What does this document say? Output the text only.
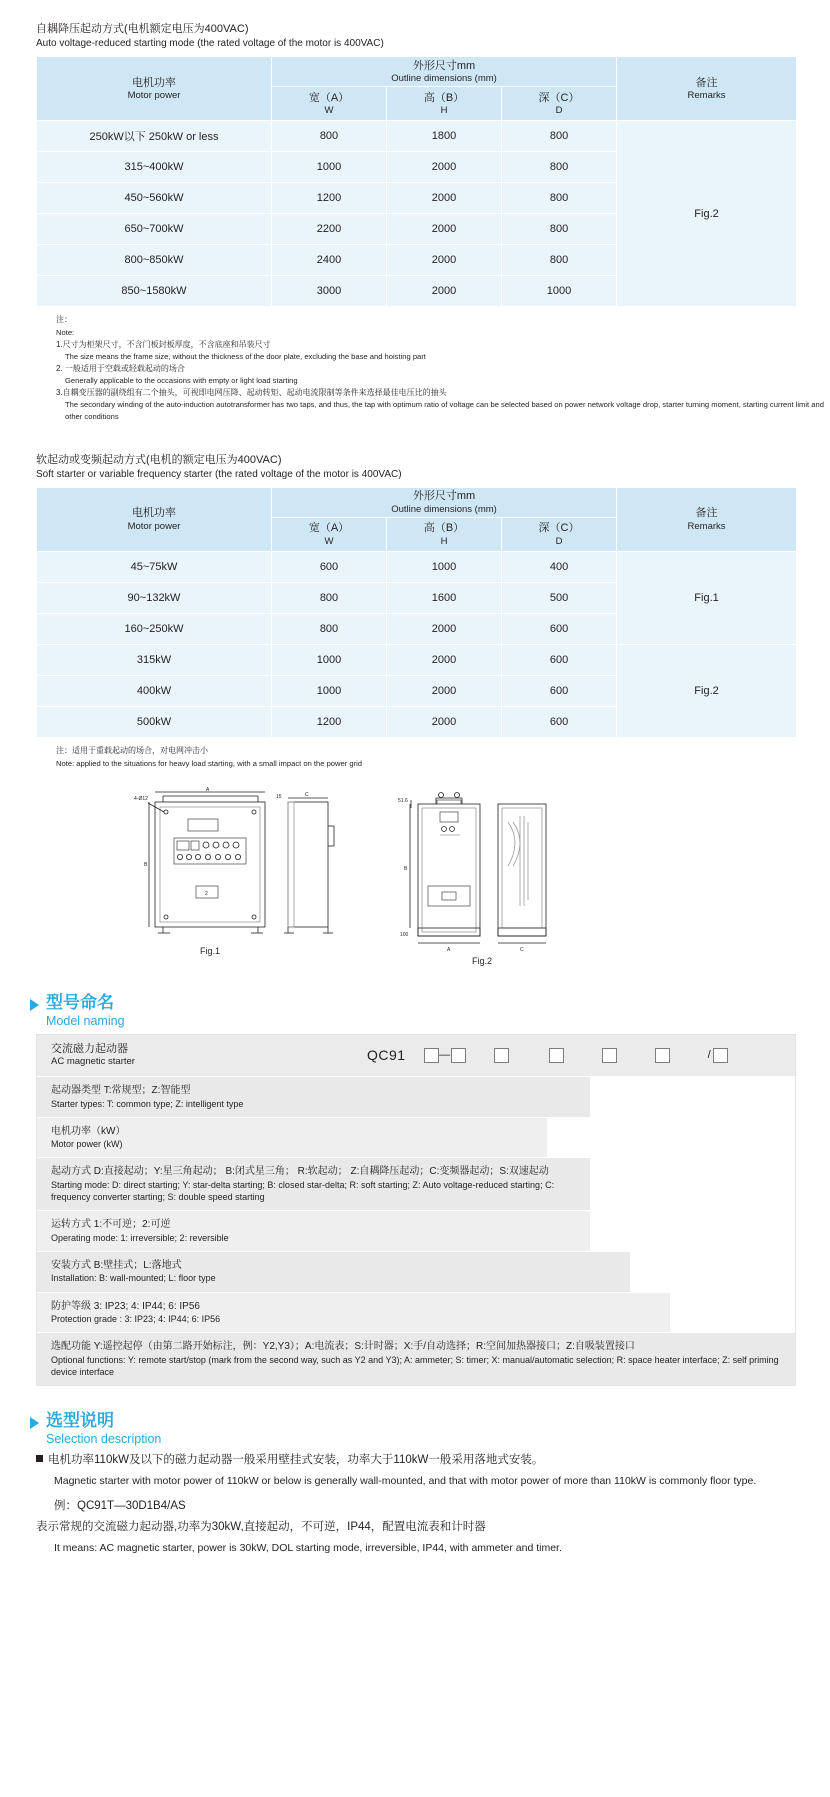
自耦降压起动方式(电机额定电压为400VAC)
Auto voltage-reduced starting mode (the rated voltage of the motor is 400VAC)
电机功率
Motor power	外形尺寸mm
Outline dimensions (mm)			备注
Remarks

	宽（A）
W	高（B）
H	深（C）
D	

250kW以下 250kW or less	800	1800	800	Fig.2
315~400kW	1000	2000	800	
450~560kW	1200	2000	800	
650~700kW	2200	2000	800	
800~850kW	2400	2000	800	
850~1580kW	3000	2000	1000	
注：
Note:
1.尺寸为柜架尺寸，不含门板封板厚度，不含底座和吊装尺寸
The size means the frame size, without the thickness of the door plate, excluding the base and hoisting part
2. 一般适用于空载或轻载起动的场合
Generally applicable to the occasions with empty or light load starting
3.自耦变压器的副绕组有二个抽头，可视即电网压降、起动转矩、起动电流限制等条件来选择最佳电压比的抽头
The secondary winding of the auto-induction autotransformer has two taps, and thus, the tap with optimum ratio of voltage can be selected based on power network voltage drop, starter turning moment, starting current limit and other conditions
软起动或变频起动方式(电机的额定电压为400VAC)
Soft starter or variable frequency starter (the rated voltage of the motor is 400VAC)
电机功率
Motor power	外形尺寸mm
Outline dimensions (mm)			备注
Remarks

	宽（A）
W	高（B）
H	深（C）
D	

45~75kW	600	1000	400	Fig.1
90~132kW	800	1600	500	
160~250kW	800	2000	600	
315kW	1000	2000	600	Fig.2
400kW	1000	2000	600	
500kW	1200	2000	600	
注：适用于重载起动的场合，对电网冲击小
Note: applied to the situations for heavy load starting, with a small impact on the power grid
2
A
B
4-Ø12
C
15
Fig.1
B
51.6
100
A	C
Fig.2
型号命名
Model naming
交流磁力起动器
AC magnetic starter	QC91	—	/
起动器类型 T:常规型；Z:智能型
Starter types: T: common type; Z: intelligent type
电机功率（kW）
Motor power (kW)
起动方式 D:直接起动；Y:星三角起动； B:闭式星三角； R:软起动； Z:自耦降压起动；C:变频器起动；S:双速起动
Starting mode: D: direct starting; Y: star-delta starting; B: closed star-delta; R: soft starting; Z: Auto voltage-reduced starting; C: frequency converter starting; S: double speed starting
运转方式 1:不可逆；2:可逆
Operating mode: 1: irreversible; 2: reversible
安装方式 B:壁挂式；L:落地式
Installation: B: wall-mounted; L: floor type
防护等级 3: IP23; 4: IP44; 6: IP56
Protection grade : 3: IP23; 4: IP44; 6: IP56
选配功能 Y:遥控起停（由第二路开始标注，例：Y2,Y3）；A:电流表；S:计时器；X:手/自动选择；R:空间加热器接口；Z:自吸装置接口
Optional functions: Y: remote start/stop (mark from the second way, such as Y2 and Y3); A: ammeter; S: timer; X: manual/automatic selection; R: space heater interface; Z: self priming device interface
选型说明
Selection description

电机功率110kW及以下的磁力起动器一般采用壁挂式安装，功率大于110kW一般采用落地式安装。

Magnetic starter with motor power of 110kW or below is generally wall-mounted, and that with motor power of more than 110kW is commonly floor type.

例：QC91T—30D1B4/AS

表示常规的交流磁力起动器,功率为30kW,直接起动，不可逆，IP44，配置电流表和计时器

It means: AC magnetic starter, power is 30kW, DOL starting mode, irreversible, IP44, with ammeter and timer.
